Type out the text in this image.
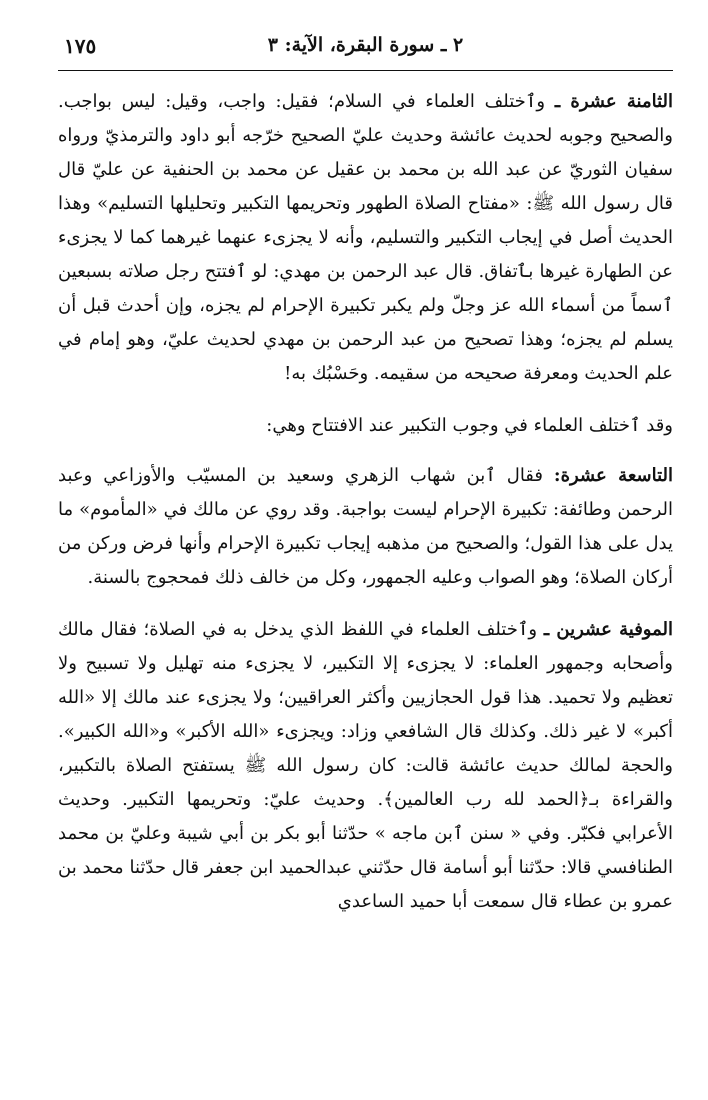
١٧٥	٢ ـ سورة البقرة، الآية: ٣

الثامنة عشرة ـ وٱختلف العلماء في السلام؛ فقيل: واجب، وقيل: ليس بواجب. والصحيح وجوبه لحديث عائشة وحديث عليّ الصحيح خرّجه أبو داود والترمذيّ ورواه سفيان الثوريّ عن عبد الله بن محمد بن عقيل عن محمد بن الحنفية عن عليّ قال قال رسول الله ﷺ: «مفتاح الصلاة الطهور وتحريمها التكبير وتحليلها التسليم» وهذا الحديث أصل في إيجاب التكبير والتسليم، وأنه لا يجزىء عنهما غيرهما كما لا يجزىء عن الطهارة غيرها بٱتفاق. قال عبد الرحمن بن مهدي: لو ٱفتتح رجل صلاته بسبعين ٱسماً من أسماء الله عز وجلّ ولم يكبر تكبيرة الإحرام لم يجزه، وإن أحدث قبل أن يسلم لم يجزه؛ وهذا تصحيح من عبد الرحمن بن مهدي لحديث عليّ، وهو إمام في علم الحديث ومعرفة صحيحه من سقيمه. وحَسْبُك به!

وقد ٱختلف العلماء في وجوب التكبير عند الافتتاح وهي:

التاسعة عشرة: فقال ٱبن شهاب الزهري وسعيد بن المسيّب والأوزاعي وعبد الرحمن وطائفة: تكبيرة الإحرام ليست بواجبة. وقد روي عن مالك في «المأموم» ما يدل على هذا القول؛ والصحيح من مذهبه إيجاب تكبيرة الإحرام وأنها فرض وركن من أركان الصلاة؛ وهو الصواب وعليه الجمهور، وكل من خالف ذلك فمحجوج بالسنة.

الموفية عشرين ـ وٱختلف العلماء في اللفظ الذي يدخل به في الصلاة؛ فقال مالك وأصحابه وجمهور العلماء: لا يجزىء إلا التكبير، لا يجزىء منه تهليل ولا تسبيح ولا تعظيم ولا تحميد. هذا قول الحجازيين وأكثر العراقيين؛ ولا يجزىء عند مالك إلا «الله أكبر» لا غير ذلك. وكذلك قال الشافعي وزاد: ويجزىء «الله الأكبر» و«الله الكبير». والحجة لمالك حديث عائشة قالت: كان رسول الله ﷺ يستفتح الصلاة بالتكبير، والقراءة بـ﴿الحمد لله رب العالمين﴾. وحديث عليّ: وتحريمها التكبير. وحديث الأعرابي فكبّر. وفي « سنن ٱبن ماجه » حدّثنا أبو بكر بن أبي شيبة وعليّ بن محمد الطنافسي قالا: حدّثنا أبو أسامة قال حدّثني عبدالحميد ابن جعفر قال حدّثنا محمد بن عمرو بن عطاء قال سمعت أبا حميد الساعدي
